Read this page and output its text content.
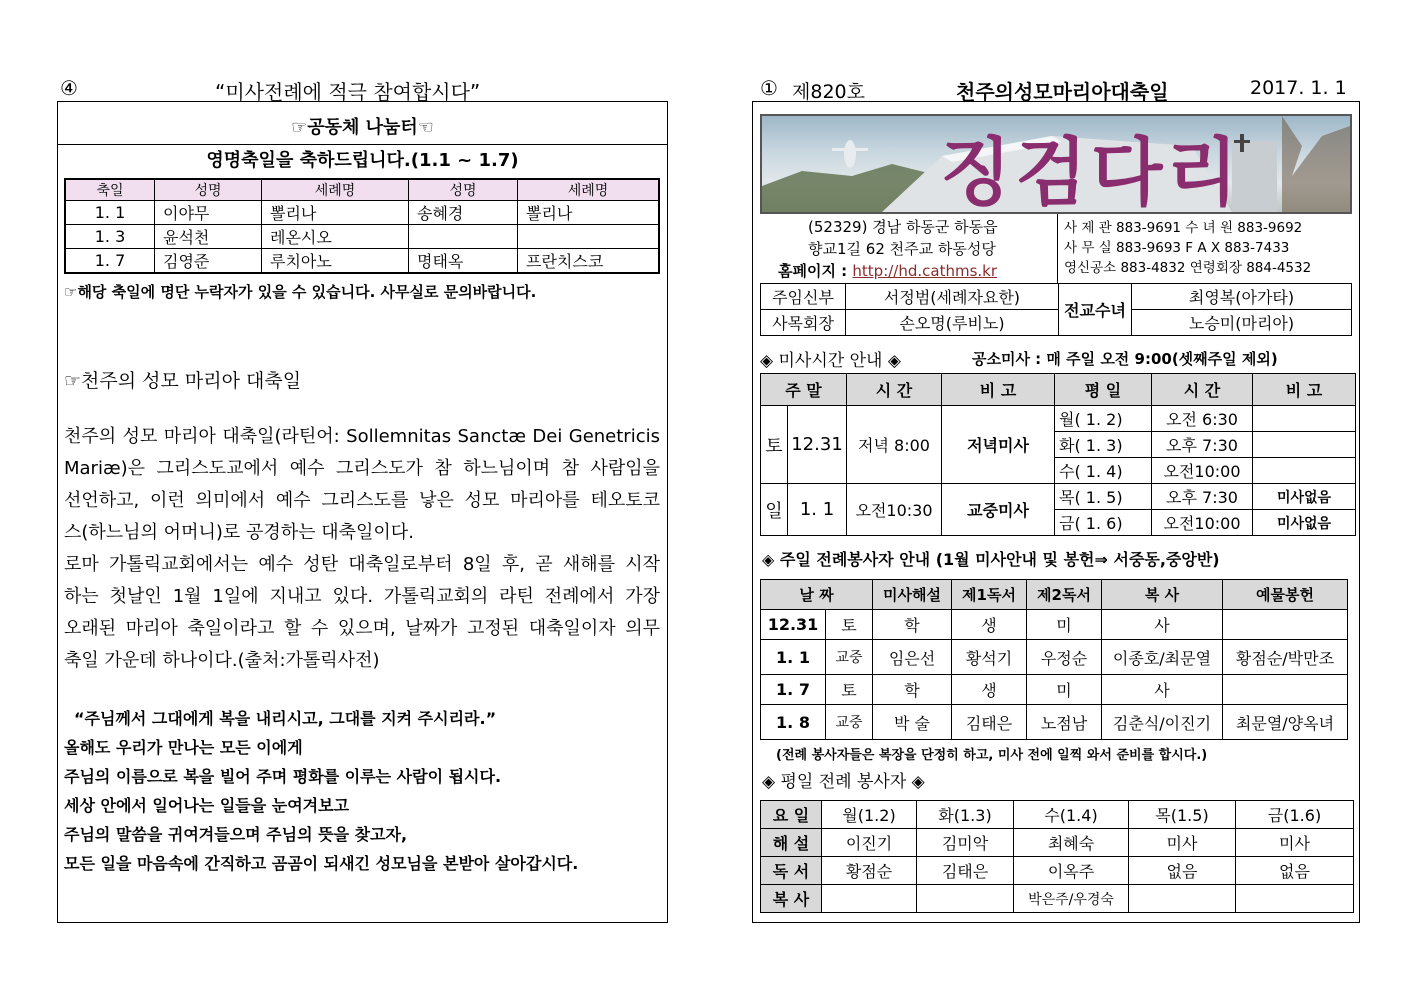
④	“미사전례에 적극 참여합시다”
☞공동체 나눔터☜
영명축일을 축하드립니다.(1.1 ~ 1.7)
축일	성명	세례명	성명	세례명
1. 1	이야무	뽈리나	송혜경	뽈리나
1. 3	윤석천	레온시오		
1. 7	김영준	루치아노	명태옥	프란치스코
☞해당 축일에 명단 누락자가 있을 수 있습니다. 사무실로 문의바랍니다.
☞천주의 성모 마리아 대축일
천주의 성모 마리아 대축일(라틴어: Sollemnitas Sanctæ Dei Genetricis
Mariæ)은 그리스도교에서 예수 그리스도가 참 하느님이며 참 사람임을
선언하고, 이런 의미에서 예수 그리스도를 낳은 성모 마리아를 테오토코
스(하느님의 어머니)로 공경하는 대축일이다.
로마 가톨릭교회에서는 예수 성탄 대축일로부터 8일 후, 곧 새해를 시작
하는 첫날인 1월 1일에 지내고 있다. 가톨릭교회의 라틴 전례에서 가장
오래된 마리아 축일이라고 할 수 있으며, 날짜가 고정된 대축일이자 의무
축일 가운데 하나이다.(출처:가톨릭사전)
“주님께서 그대에게 복을 내리시고, 그대를 지켜 주시리라.”
올해도 우리가 만나는 모든 이에게
주님의 이름으로 복을 빌어 주며 평화를 이루는 사람이 됩시다.
세상 안에서 일어나는 일들을 눈여겨보고
주님의 말씀을 귀여겨들으며 주님의 뜻을 찾고자,
모든 일을 마음속에 간직하고 곰곰이 되새긴 성모님을 본받아 살아갑시다.
① 제820호	천주의성모마리아대축일	2017. 1. 1
징검다리
(52329) 경남 하동군 하동읍
향교1길 62 천주교 하동성당
홈페이지 : http://hd.cathms.kr
사 제 관 883-9691 수 녀 원 883-9692
사 무 실 883-9693 F A X 883-7433
영신공소 883-4832 연령회장 884-4532
주임신부	서정범(세례자요한)	전교수녀	최영복(아가타)
사목회장	손오명(루비노)		노승미(마리아)
◈ 미사시간 안내 ◈	공소미사 : 매 주일 오전 9:00(셋째주일 제외)
주 말		시 간	비 고	평 일	시 간	비 고
토	12.31	저녁 8:00	저녁미사	월( 1. 2)	오전 6:30	
				화( 1. 3)	오후 7:30	
				수( 1. 4)	오전10:00	
일	1. 1	오전10:30	교중미사	목( 1. 5)	오후 7:30	미사없음
				금( 1. 6)	오전10:00	미사없음
◈ 주일 전례봉사자 안내 (1월 미사안내 및 봉헌⇒ 서중동,중앙반)
날 짜		미사해설	제1독서	제2독서	복 사	예물봉헌
12.31	토	학	생	미	사	
1. 1	교중	임은선	황석기	우정순	이종호/최문열	황점순/박만조
1. 7	토	학	생	미	사	
1. 8	교중	박 술	김태은	노점남	김춘식/이진기	최문열/양옥녀
(전례 봉사자들은 복장을 단정히 하고, 미사 전에 일찍 와서 준비를 합시다.)
◈ 평일 전례 봉사자 ◈
요 일	월(1.2)	화(1.3)	수(1.4)	목(1.5)	금(1.6)
해 설	이진기	김미악	최혜숙	미사	미사
독 서	황점순	김태은	이옥주	없음	없음
복 사			박은주/우경숙		
